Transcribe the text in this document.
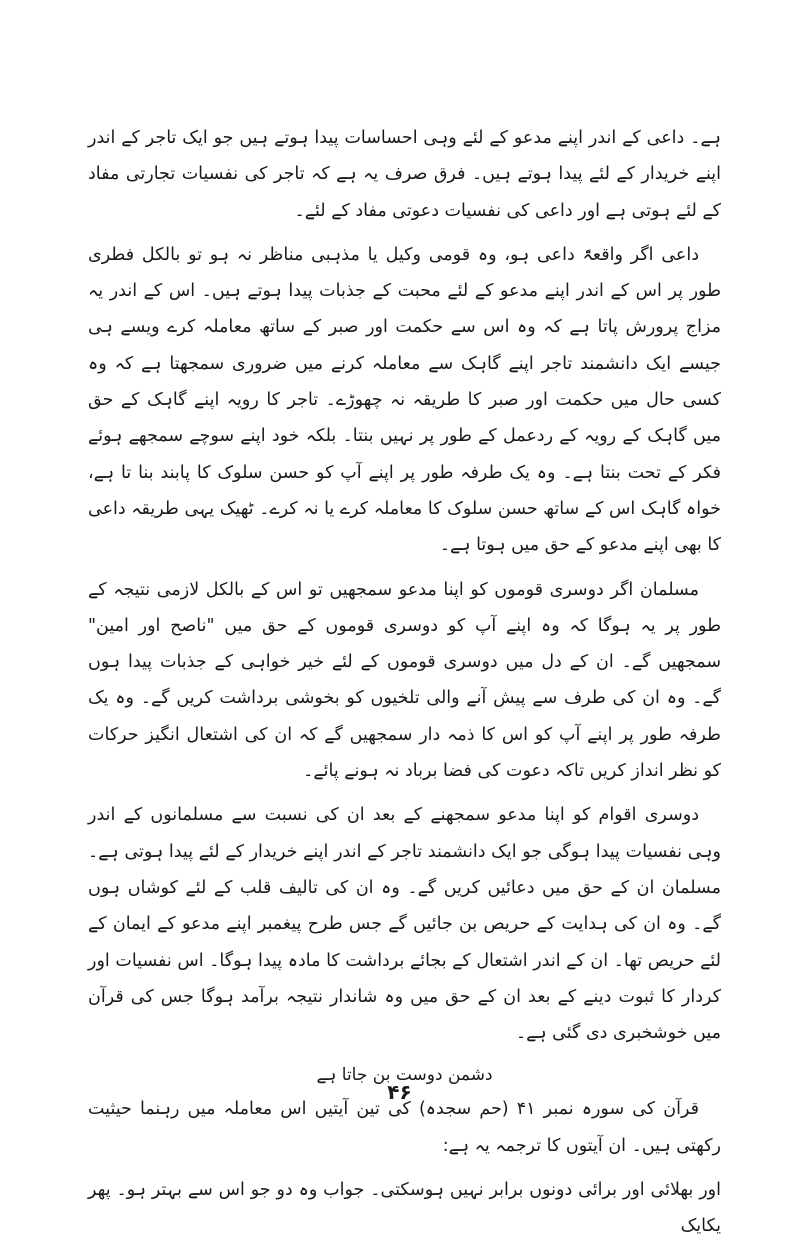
ہے۔ داعی کے اندر اپنے مدعو کے لئے وہی احساسات پیدا ہوتے ہیں جو ایک تاجر کے اندر اپنے خریدار کے لئے پیدا ہوتے ہیں۔ فرق صرف یہ ہے کہ تاجر کی نفسیات تجارتی مفاد کے لئے ہوتی ہے اور داعی کی نفسیات دعوتی مفاد کے لئے۔

داعی اگر واقعۃً داعی ہو، وہ قومی وکیل یا مذہبی مناظر نہ ہو تو بالکل فطری طور پر اس کے اندر اپنے مدعو کے لئے محبت کے جذبات پیدا ہوتے ہیں۔ اس کے اندر یہ مزاج پرورش پاتا ہے کہ وہ اس سے حکمت اور صبر کے ساتھ معاملہ کرے ویسے ہی جیسے ایک دانشمند تاجر اپنے گاہک سے معاملہ کرنے میں ضروری سمجھتا ہے کہ وہ کسی حال میں حکمت اور صبر کا طریقہ نہ چھوڑے۔ تاجر کا رویہ اپنے گاہک کے حق میں گاہک کے رویہ کے ردعمل کے طور پر نہیں بنتا۔ بلکہ خود اپنے سوچے سمجھے ہوئے فکر کے تحت بنتا ہے۔ وہ یک طرفہ طور پر اپنے آپ کو حسن سلوک کا پابند بنا تا ہے، خواہ گاہک اس کے ساتھ حسن سلوک کا معاملہ کرے یا نہ کرے۔ ٹھیک یہی طریقہ داعی کا بھی اپنے مدعو کے حق میں ہوتا ہے۔

مسلمان اگر دوسری قوموں کو اپنا مدعو سمجھیں تو اس کے بالکل لازمی نتیجہ کے طور پر یہ ہوگا کہ وہ اپنے آپ کو دوسری قوموں کے حق میں "ناصح اور امین" سمجھیں گے۔ ان کے دل میں دوسری قوموں کے لئے خیر خواہی کے جذبات پیدا ہوں گے۔ وہ ان کی طرف سے پیش آنے والی تلخیوں کو بخوشی برداشت کریں گے۔ وہ یک طرفہ طور پر اپنے آپ کو اس کا ذمہ دار سمجھیں گے کہ ان کی اشتعال انگیز حرکات کو نظر انداز کریں تاکہ دعوت کی فضا برباد نہ ہونے پائے۔

دوسری اقوام کو اپنا مدعو سمجھنے کے بعد ان کی نسبت سے مسلمانوں کے اندر وہی نفسیات پیدا ہوگی جو ایک دانشمند تاجر کے اندر اپنے خریدار کے لئے پیدا ہوتی ہے۔ مسلمان ان کے حق میں دعائیں کریں گے۔ وہ ان کی تالیف قلب کے لئے کوشاں ہوں گے۔ وہ ان کی ہدایت کے حریص بن جائیں گے جس طرح پیغمبر اپنے مدعو کے ایمان کے لئے حریص تھا۔ ان کے اندر اشتعال کے بجائے برداشت کا مادہ پیدا ہوگا۔ اس نفسیات اور کردار کا ثبوت دینے کے بعد ان کے حق میں وہ شاندار نتیجہ برآمد ہوگا جس کی قرآن میں خوشخبری دی گئی ہے۔

دشمن دوست بن جاتا ہے

قرآن کی سورہ نمبر ۴۱ (حم سجدہ) کی تین آیتیں اس معاملہ میں رہنما حیثیت رکھتی ہیں۔ ان آیتوں کا ترجمہ یہ ہے:

اور بھلائی اور برائی دونوں برابر نہیں ہوسکتی۔ جواب وہ دو جو اس سے بہتر ہو۔ پھر یکایک

۴۶
